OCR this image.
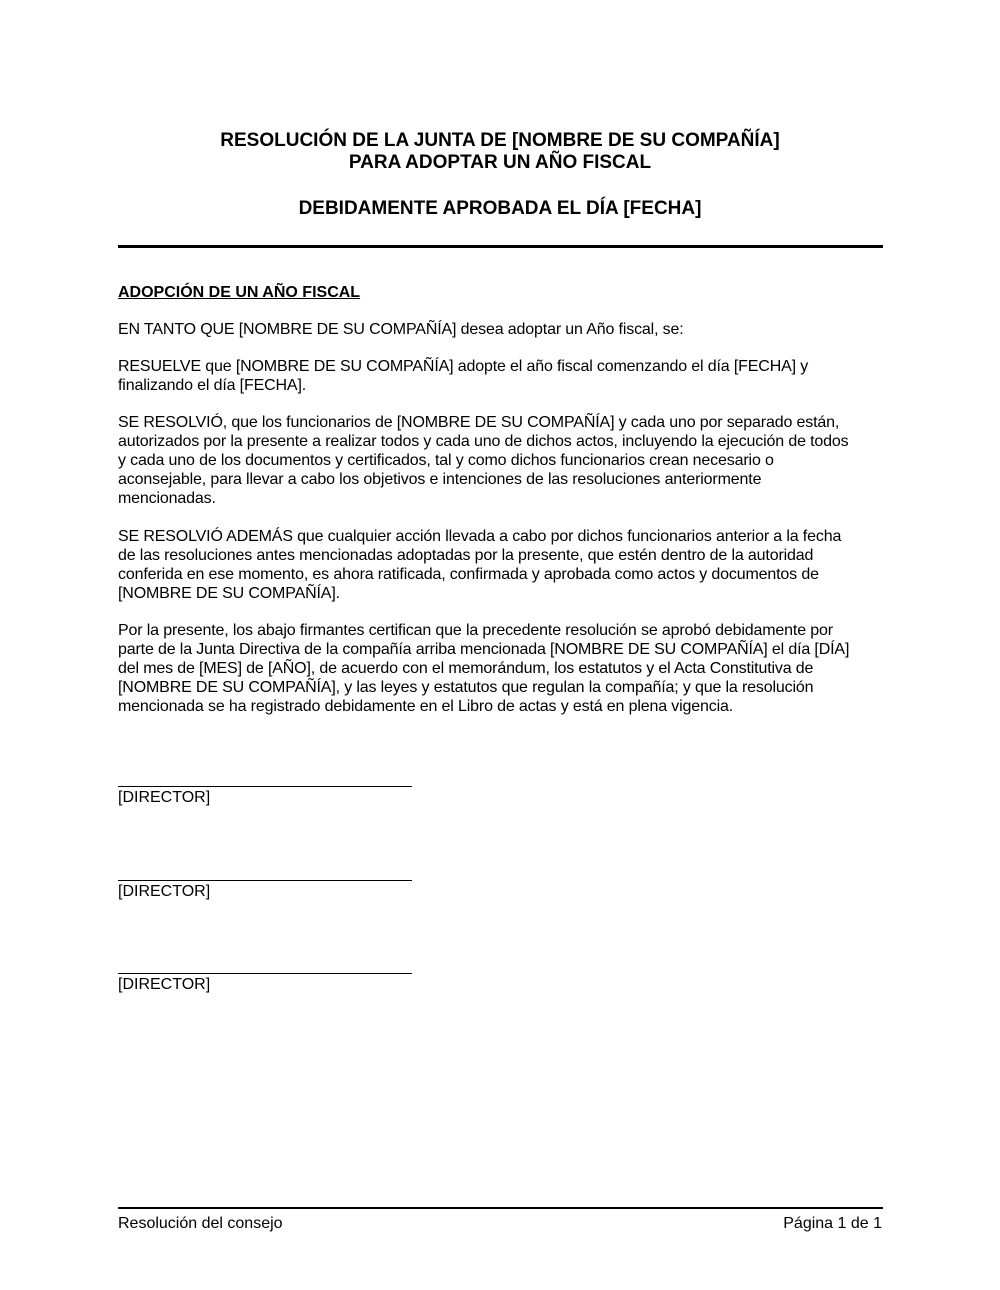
RESOLUCIÓN DE LA JUNTA DE [NOMBRE DE SU COMPAÑÍA]
PARA ADOPTAR UN AÑO FISCAL
DEBIDAMENTE APROBADA EL DÍA [FECHA]
ADOPCIÓN DE UN AÑO FISCAL
EN TANTO QUE [NOMBRE DE SU COMPAÑÍA] desea adoptar un Año fiscal, se:
RESUELVE que [NOMBRE DE SU COMPAÑÍA] adopte el año fiscal comenzando el día [FECHA] y
finalizando el día [FECHA].
SE RESOLVIÓ, que los funcionarios de [NOMBRE DE SU COMPAÑÍA] y cada uno por separado están,
autorizados por la presente a realizar todos y cada uno de dichos actos, incluyendo la ejecución de todos
y cada uno de los documentos y certificados, tal y como dichos funcionarios crean necesario o
aconsejable, para llevar a cabo los objetivos e intenciones de las resoluciones anteriormente
mencionadas.
SE RESOLVIÓ ADEMÁS que cualquier acción llevada a cabo por dichos funcionarios anterior a la fecha
de las resoluciones antes mencionadas adoptadas por la presente, que estén dentro de la autoridad
conferida en ese momento, es ahora ratificada, confirmada y aprobada como actos y documentos de
[NOMBRE DE SU COMPAÑÍA].
Por la presente, los abajo firmantes certifican que la precedente resolución se aprobó debidamente por
parte de la Junta Directiva de la compañía arriba mencionada [NOMBRE DE SU COMPAÑÍA] el día [DÍA]
del mes de [MES] de [AÑO], de acuerdo con el memorándum, los estatutos y el Acta Constitutiva de
[NOMBRE DE SU COMPAÑÍA], y las leyes y estatutos que regulan la compañía; y que la resolución
mencionada se ha registrado debidamente en el Libro de actas y está en plena vigencia.
[DIRECTOR]
[DIRECTOR]
[DIRECTOR]
Resolución del consejo	Página 1 de 1
